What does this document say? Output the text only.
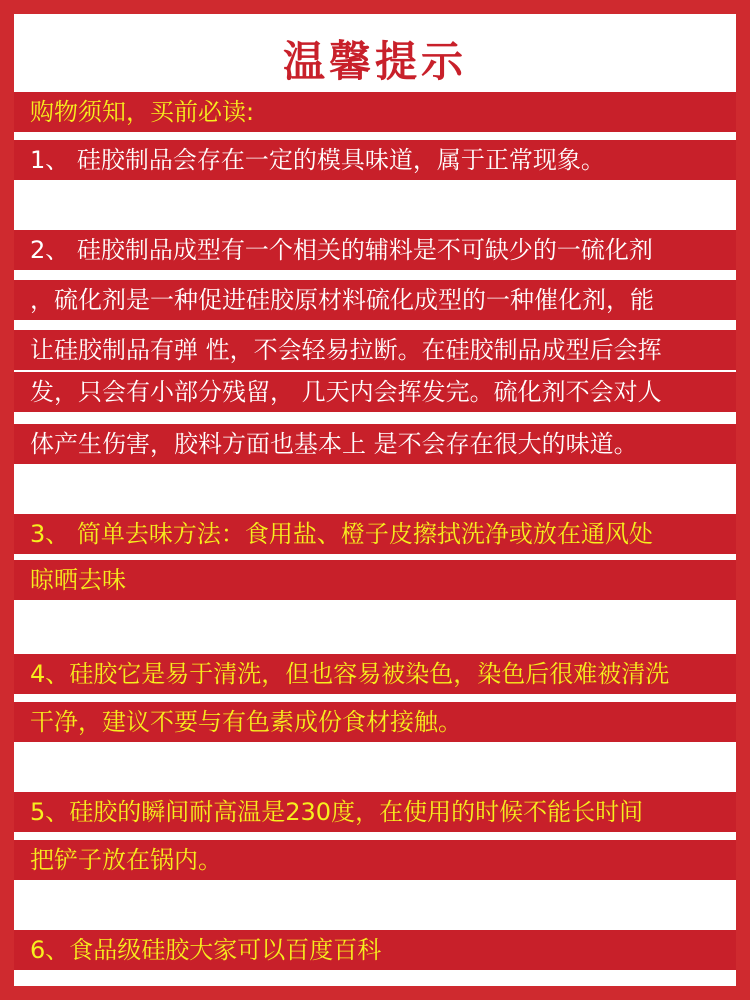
温馨提示
购物须知，买前必读:
1、 硅胶制品会存在一定的模具味道，属于正常现象。
2、 硅胶制品成型有一个相关的辅料是不可缺少的一硫化剂
，硫化剂是一种促进硅胶原材料硫化成型的一种催化剂，能
让硅胶制品有弹 性，不会轻易拉断。在硅胶制品成型后会挥
发，只会有小部分残留， 几天内会挥发完。硫化剂不会对人
体产生伤害，胶料方面也基本上 是不会存在很大的味道。
3、 简单去味方法：食用盐、橙子皮擦拭洗净或放在通风处
晾晒去味
4、硅胶它是易于清洗，但也容易被染色，染色后很难被清洗
干净，建议不要与有色素成份食材接触。
5、硅胶的瞬间耐高温是230度，在使用的时候不能长时间
把铲子放在锅内。
6、食品级硅胶大家可以百度百科
